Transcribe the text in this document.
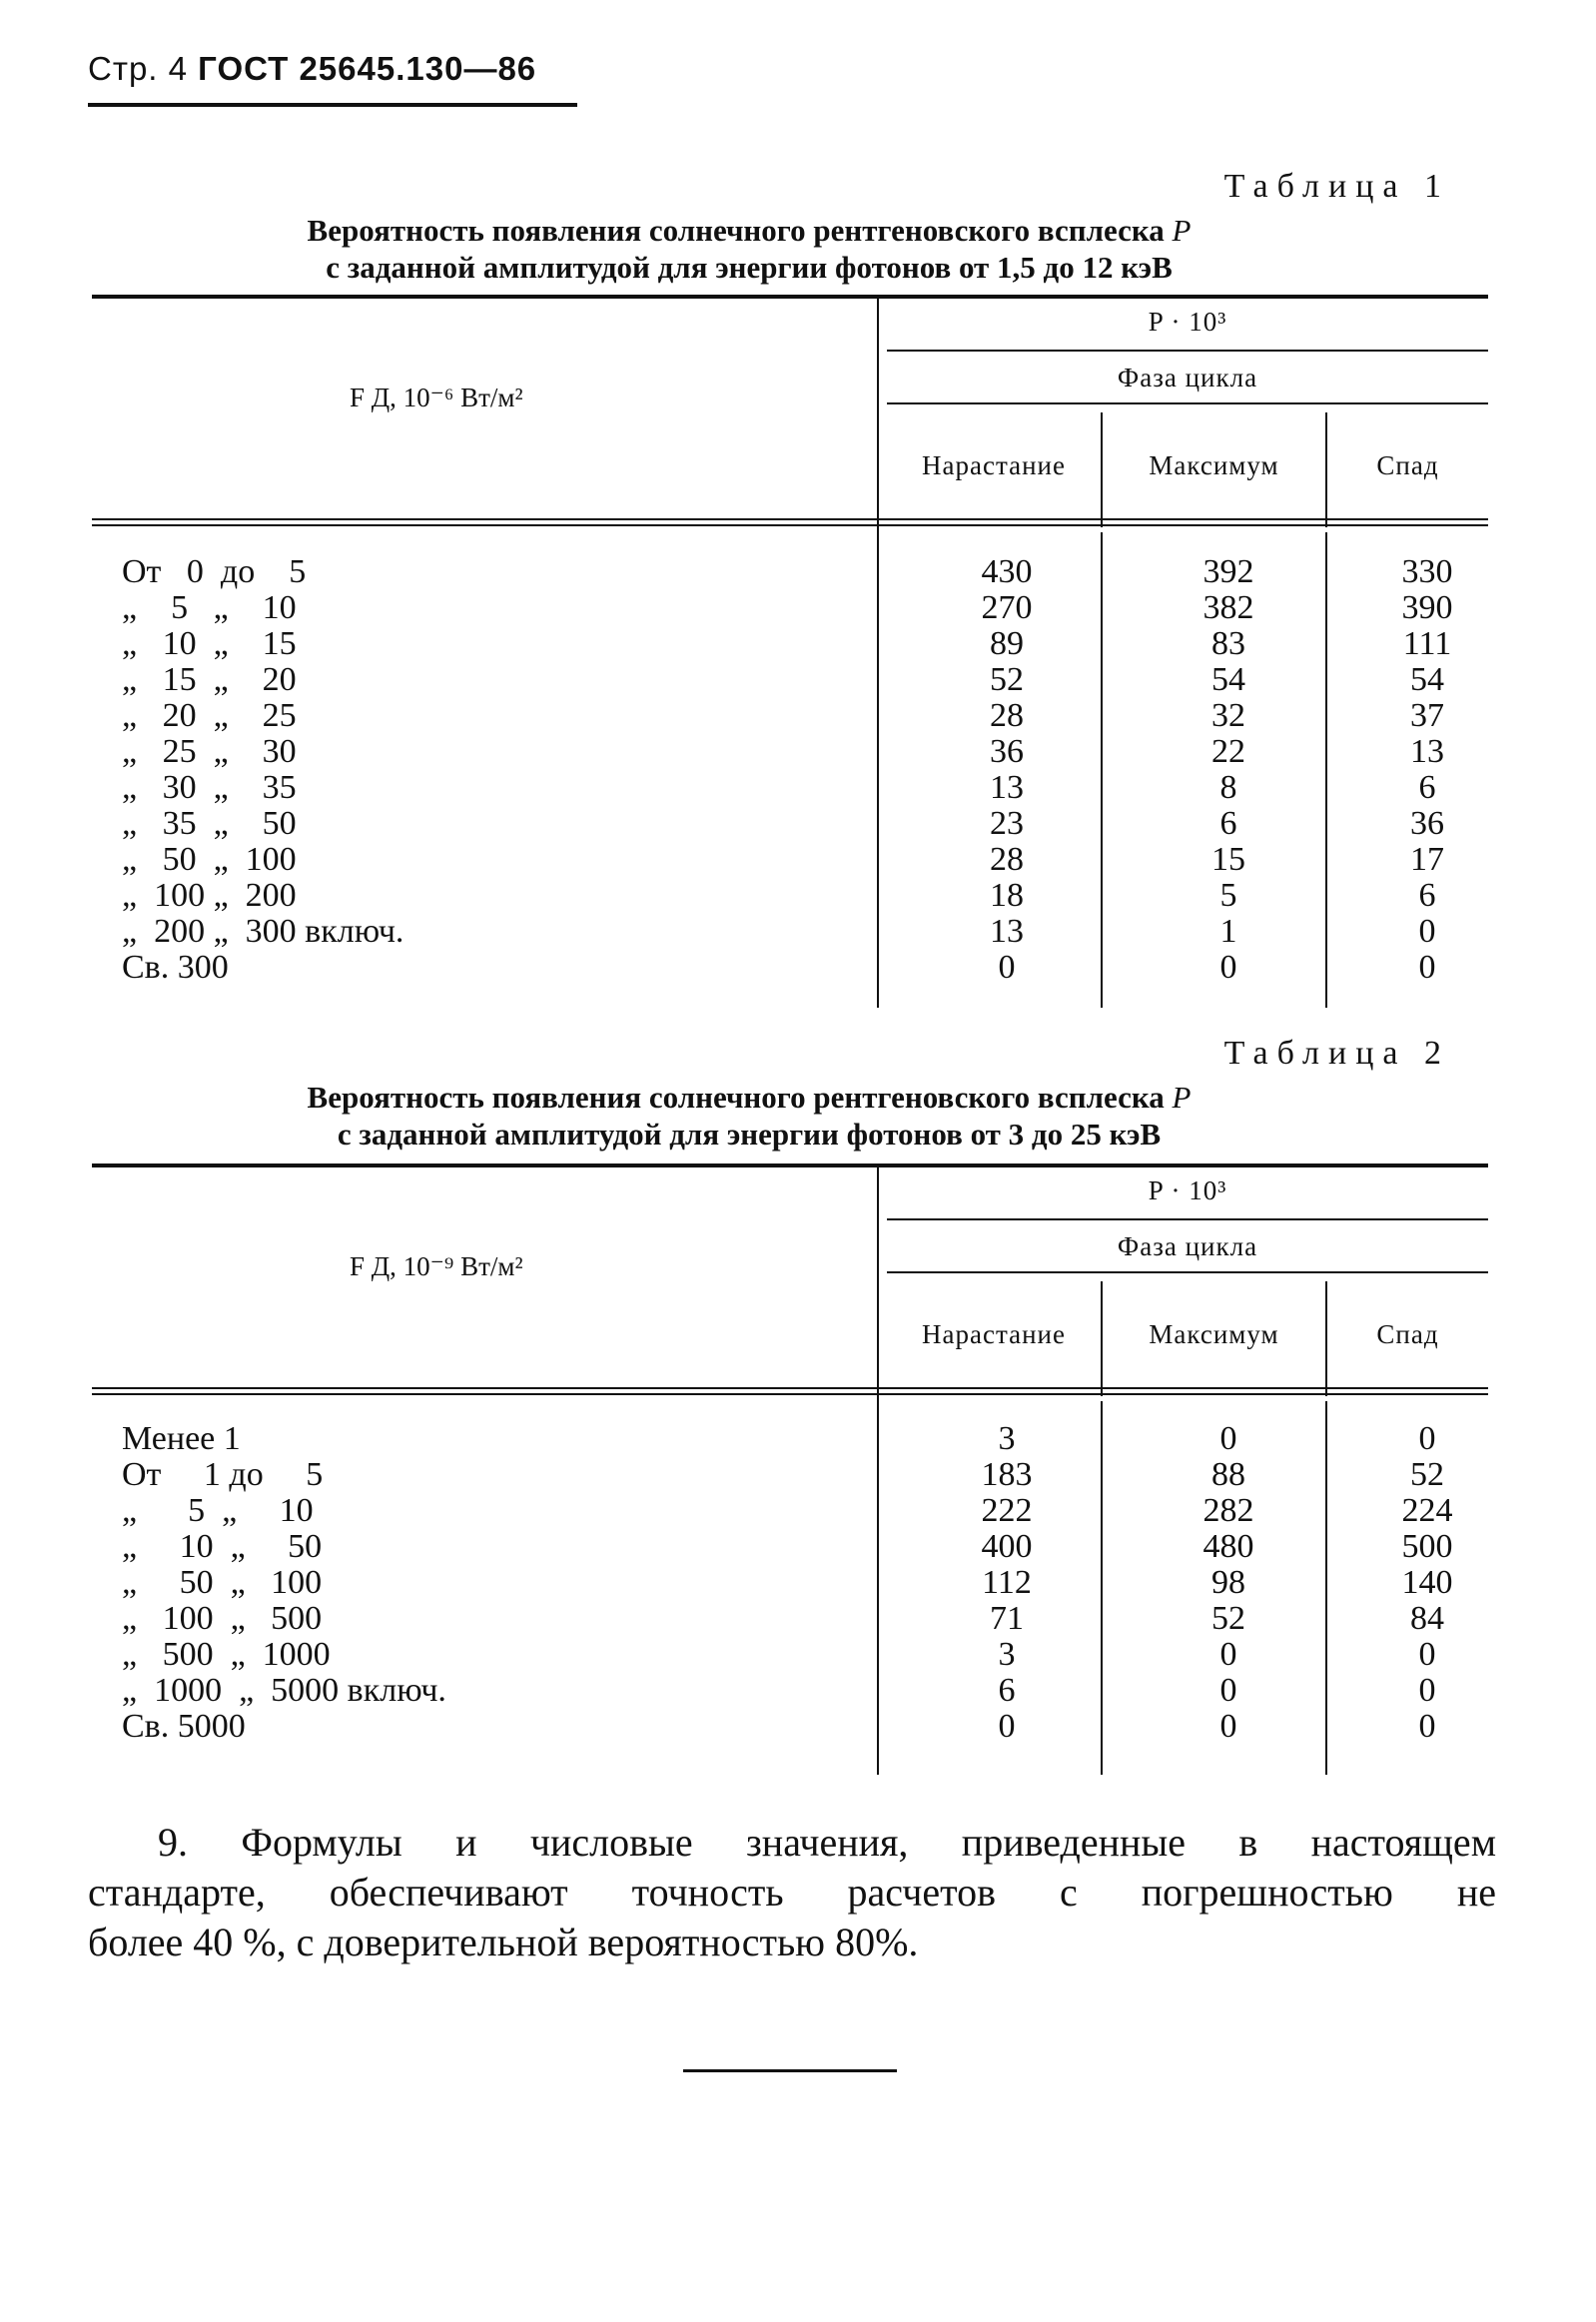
Стр. 4 ГОСТ 25645.130—86
Таблица 1
Вероятность появления солнечного рентгеновского всплеска P
с заданной амплитудой для энергии фотонов от 1,5 до 12 кэВ
F Д, 10⁻⁶ Вт/м²
P · 10³
Фаза цикла
Нарастание	Максимум	Спад
От   0  до    5	430	392	330
„    5   „    10	270	382	390
„   10  „    15	89	83	111
„   15  „    20	52	54	54
„   20  „    25	28	32	37
„   25  „    30	36	22	13
„   30  „    35	13	8	6
„   35  „    50	23	6	36
„   50  „  100	28	15	17
„  100 „  200	18	5	6
„  200 „  300 включ.	13	1	0
Св. 300	0	0	0
Таблица 2
Вероятность появления солнечного рентгеновского всплеска P
с заданной амплитудой для энергии фотонов от 3 до 25 кэВ
F Д, 10⁻⁹ Вт/м²
P · 10³
Фаза цикла
Нарастание	Максимум	Спад
Менее 1	3	0	0
От     1 до     5	183	88	52
„      5  „     10	222	282	224
„     10  „     50	400	480	500
„     50  „   100	112	98	140
„   100  „   500	71	52	84
„   500  „  1000	3	0	0
„  1000  „  5000 включ.	6	0	0
Св. 5000	0	0	0
9. Формулы и числовые значения, приведенные в настоящем
стандарте, обеспечивают точность расчетов с погрешностью не
более 40 %, с доверительной вероятностью 80%.
